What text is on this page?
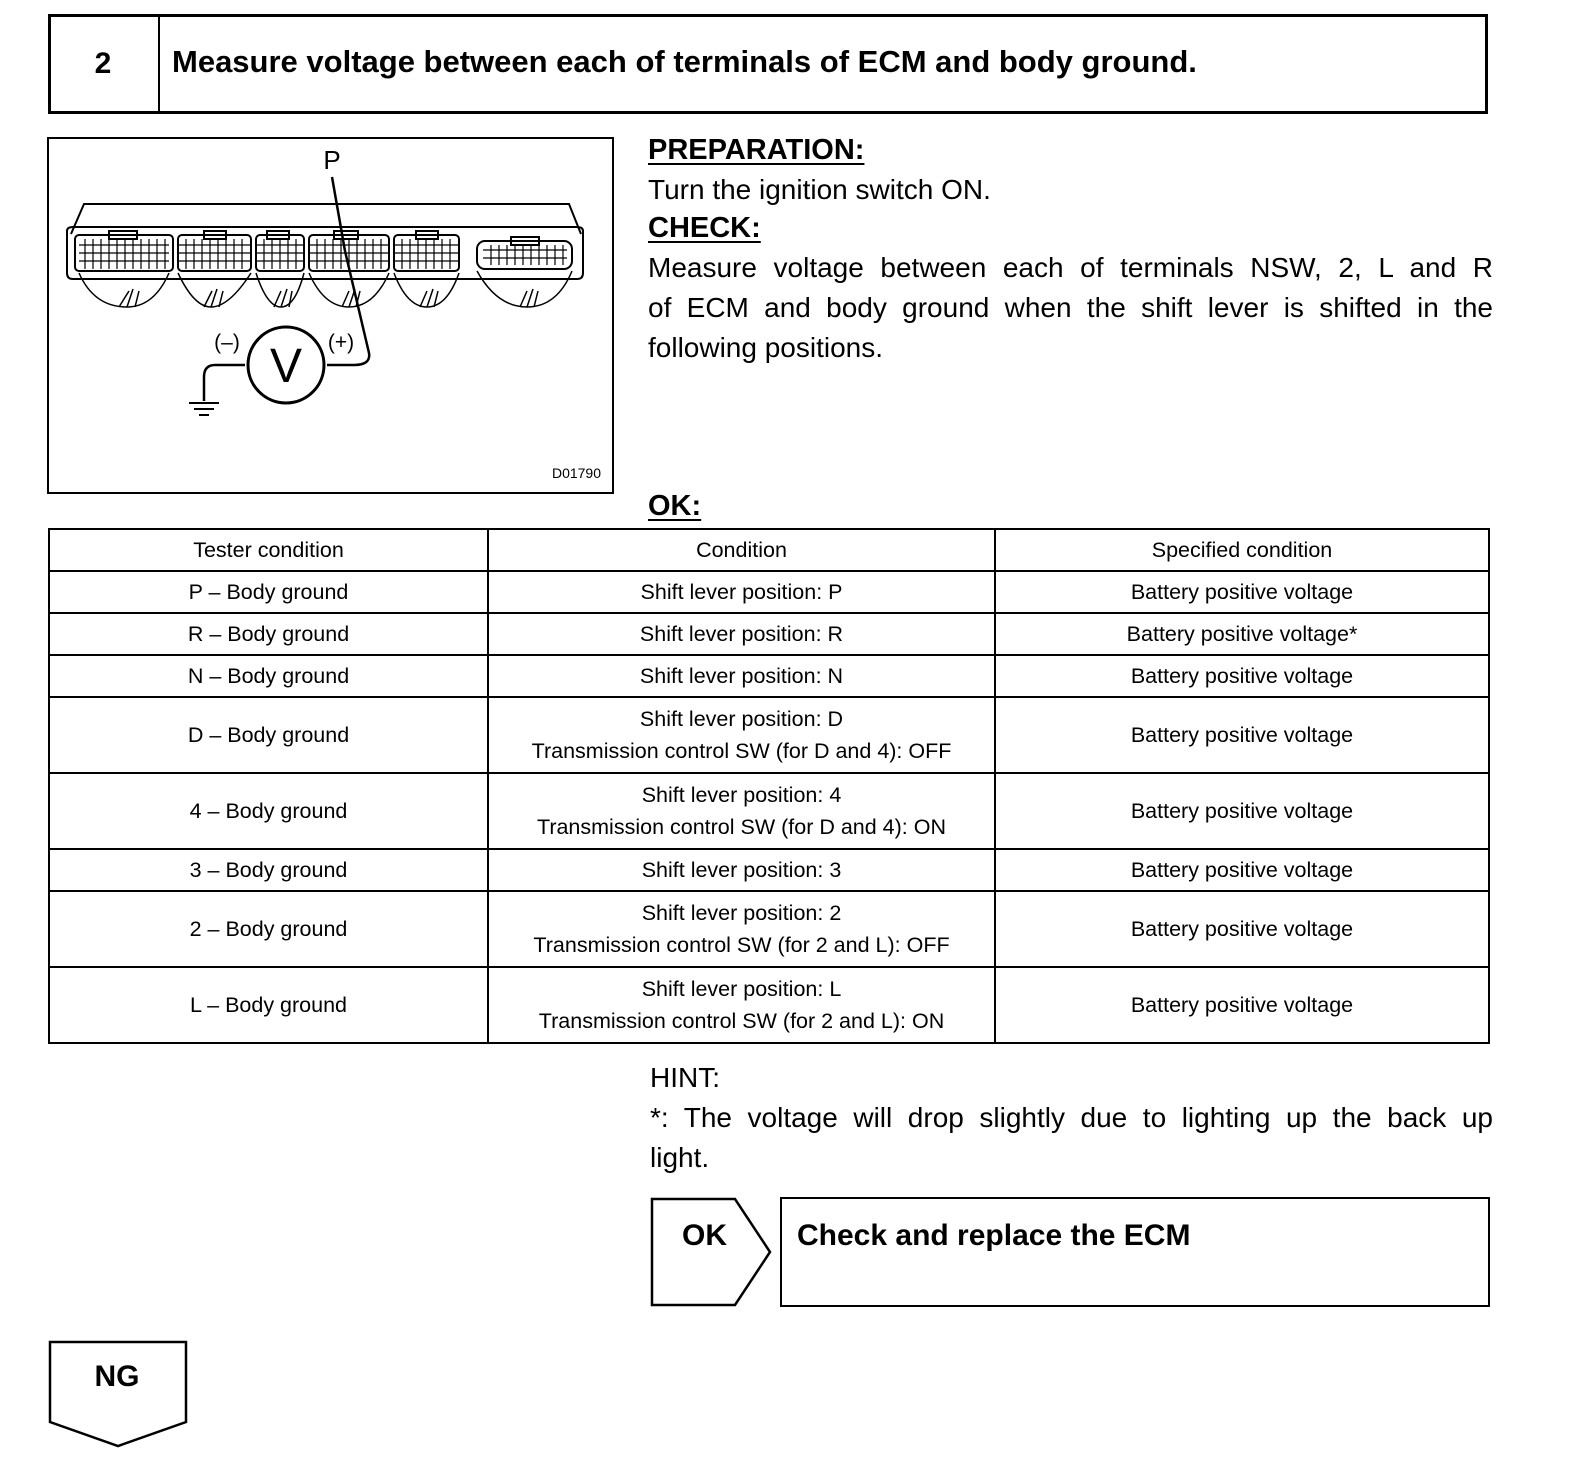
2	Measure voltage between each of terminals of ECM and body ground.
V
P
(–)	(+)
D01790
PREPARATION:
Turn the ignition switch ON.
CHECK:
Measure voltage between each of terminals NSW, 2, L and R
of ECM and body ground when the shift lever is shifted in the
following positions.
OK:
Tester condition	Condition	Specified condition
P – Body ground	Shift lever position: P	Battery positive voltage
R – Body ground	Shift lever position: R	Battery positive voltage*
N – Body ground	Shift lever position: N	Battery positive voltage
D – Body ground	Shift lever position: D
Transmission control SW (for D and 4): OFF	Battery positive voltage
4 – Body ground	Shift lever position: 4
Transmission control SW (for D and 4): ON	Battery positive voltage
3 – Body ground	Shift lever position: 3	Battery positive voltage
2 – Body ground	Shift lever position: 2
Transmission control SW (for 2 and L): OFF	Battery positive voltage
L – Body ground	Shift lever position: L
Transmission control SW (for 2 and L): ON	Battery positive voltage
HINT:
*: The voltage will drop slightly due to lighting up the back up
light.
OK Check and replace the ECM
NG
